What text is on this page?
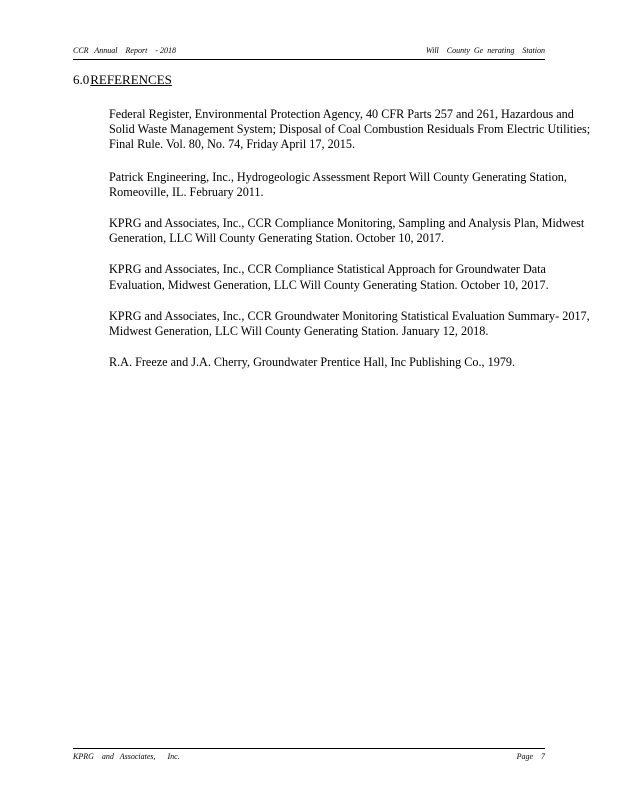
CCR   Annual    Report    - 2018	Will    County  Ge  nerating    Station
6.0REFERENCES
Federal Register, Environmental Protection Agency, 40 CFR Parts 257 and 261, Hazardous and Solid Waste Management System; Disposal of Coal Combustion Residuals From Electric Utilities; Final Rule. Vol. 80, No. 74, Friday April 17, 2015.
Patrick Engineering, Inc., Hydrogeologic Assessment Report Will County Generating Station, Romeoville, IL. February 2011.
KPRG and Associates, Inc., CCR Compliance Monitoring, Sampling and Analysis Plan, Midwest Generation, LLC Will County Generating Station. October 10, 2017.
KPRG and Associates, Inc., CCR Compliance Statistical Approach for Groundwater Data Evaluation, Midwest Generation, LLC Will County Generating Station. October 10, 2017.
KPRG and Associates, Inc., CCR Groundwater Monitoring Statistical Evaluation Summary- 2017, Midwest Generation, LLC Will County Generating Station. January 12, 2018.
R.A. Freeze and J.A. Cherry, Groundwater Prentice Hall, Inc Publishing Co., 1979.
KPRG    and   Associates,      Inc.	Page    7
